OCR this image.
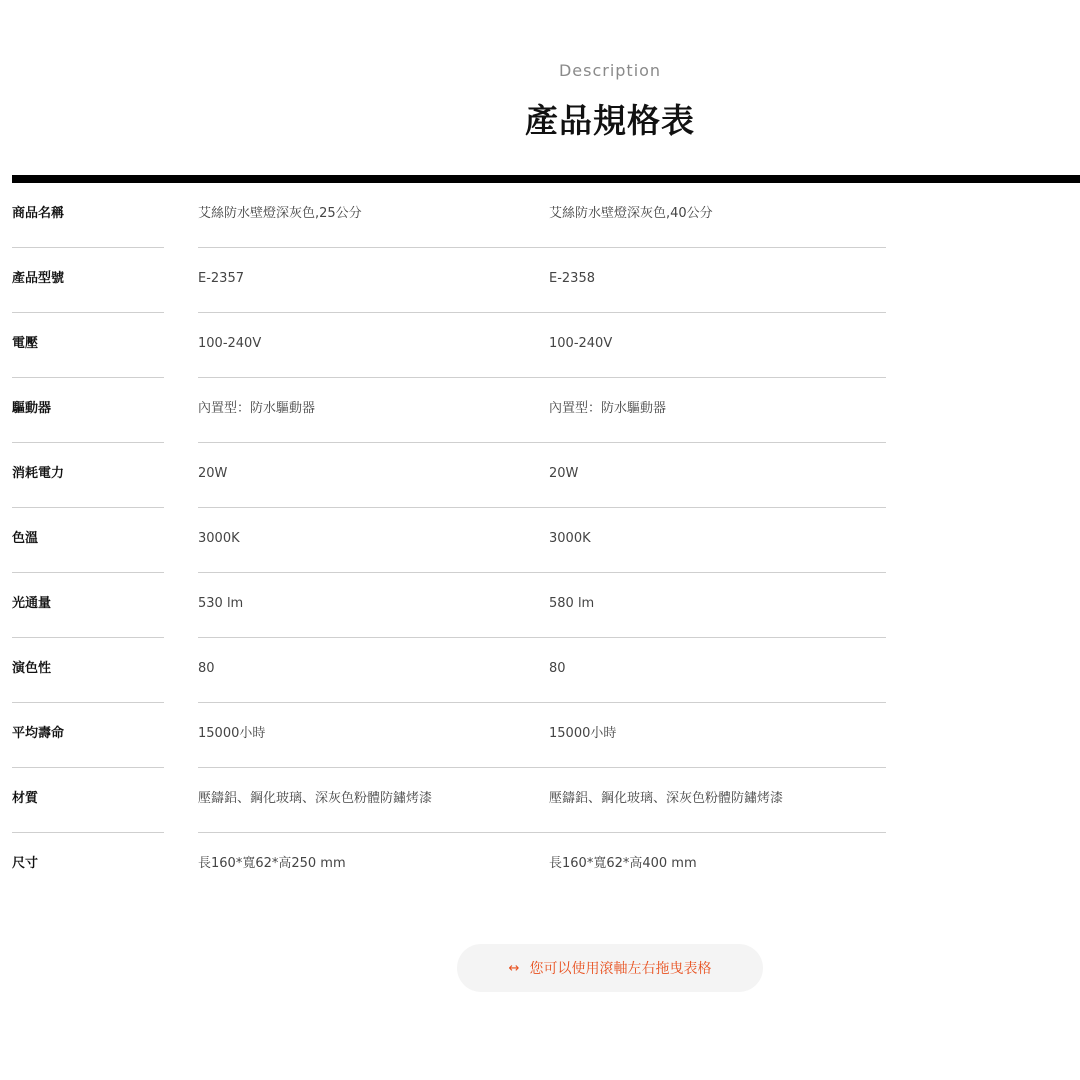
Description
產品規格表
商品名稱	艾絲防水壁燈深灰色,25公分	艾絲防水壁燈深灰色,40公分
產品型號	E-2357	E-2358
電壓	100-240V	100-240V
驅動器	內置型：防水驅動器	內置型：防水驅動器
消耗電力	20W	20W
色溫	3000K	3000K
光通量	530 lm	580 lm
演色性	80	80
平均壽命	15000小時	15000小時
材質	壓鑄鋁、鋼化玻璃、深灰色粉體防鏽烤漆	壓鑄鋁、鋼化玻璃、深灰色粉體防鏽烤漆
尺寸	長160*寬62*高250 mm	長160*寬62*高400 mm
↔ 您可以使用滾軸左右拖曳表格
